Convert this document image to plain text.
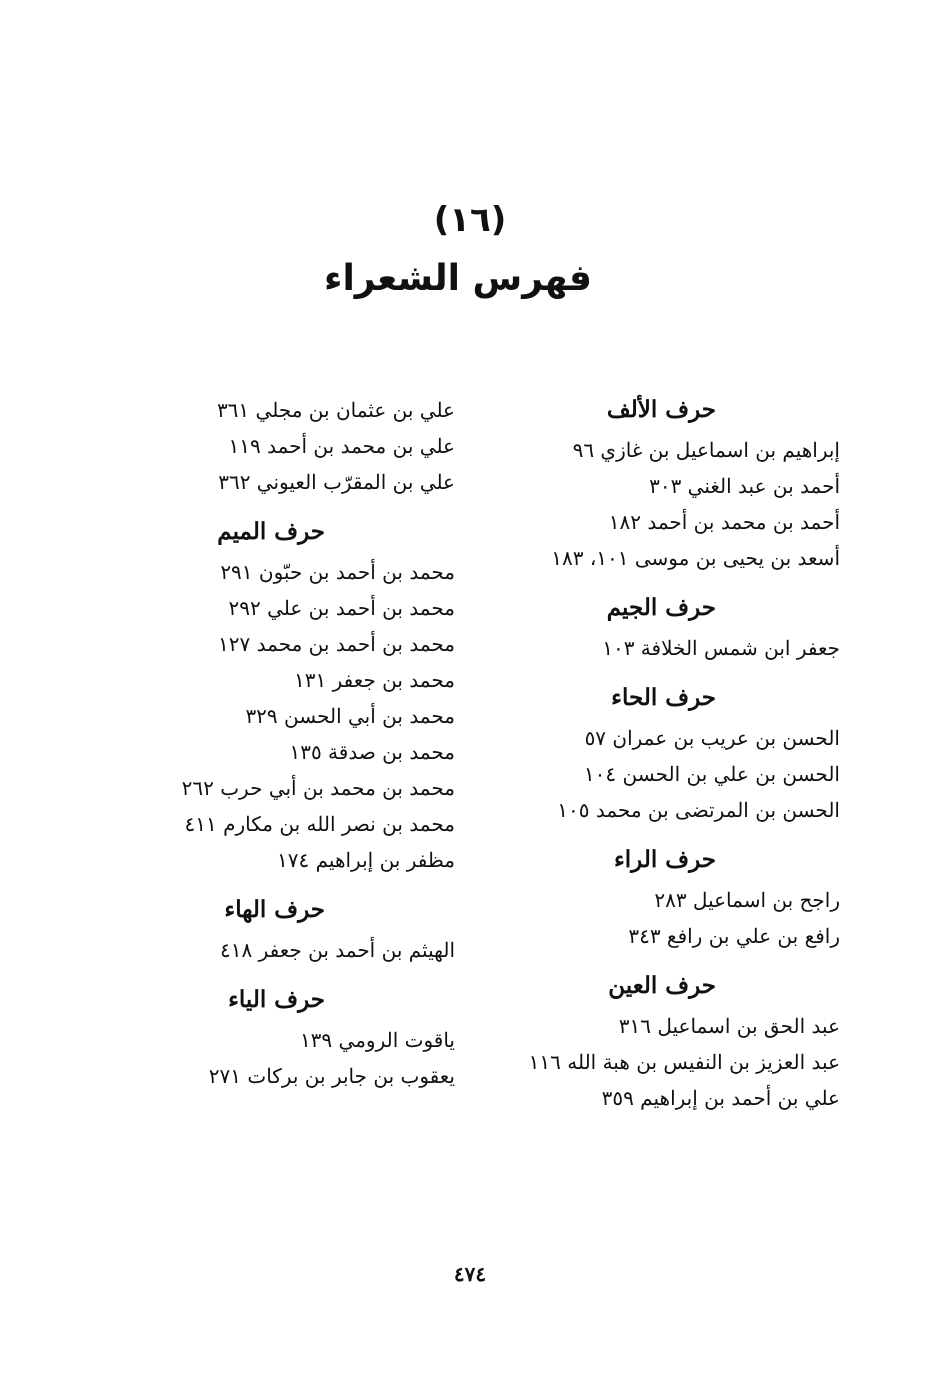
(١٦)
فهرس الشعراء
حرف الألف
إبراهيم بن اسماعيل بن غازي ٩٦
أحمد بن عبد الغني ٣٠٣
أحمد بن محمد بن أحمد ١٨٢
أسعد بن يحيى بن موسى ١٠١، ١٨٣
حرف الجيم
جعفر ابن شمس الخلافة ١٠٣
حرف الحاء
الحسن بن عريب بن عمران ٥٧
الحسن بن علي بن الحسن ١٠٤
الحسن بن المرتضى بن محمد ١٠٥
حرف الراء
راجح بن اسماعيل ٢٨٣
رافع بن علي بن رافع ٣٤٣
حرف العين
عبد الحق بن اسماعيل ٣١٦
عبد العزيز بن النفيس بن هبة الله ١١٦
علي بن أحمد بن إبراهيم ٣٥٩
علي بن عثمان بن مجلي ٣٦١
علي بن محمد بن أحمد ١١٩
علي بن المقرّب العيوني ٣٦٢
حرف الميم
محمد بن أحمد بن حبّون ٢٩١
محمد بن أحمد بن علي ٢٩٢
محمد بن أحمد بن محمد ١٢٧
محمد بن جعفر ١٣١
محمد بن أبي الحسن ٣٢٩
محمد بن صدقة ١٣٥
محمد بن محمد بن أبي حرب ٢٦٢
محمد بن نصر الله بن مكارم ٤١١
مظفر بن إبراهيم ١٧٤
حرف الهاء
الهيثم بن أحمد بن جعفر ٤١٨
حرف الياء
ياقوت الرومي ١٣٩
يعقوب بن جابر بن بركات ٢٧١
٤٧٤
